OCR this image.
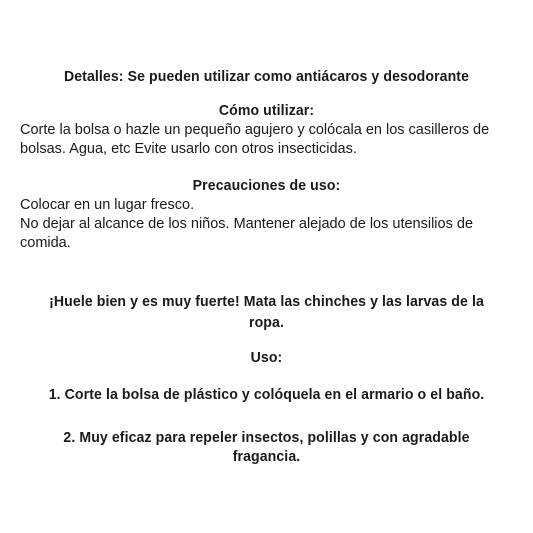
Detalles: Se pueden utilizar como antiácaros y desodorante
Cómo utilizar:
Corte la bolsa o hazle un pequeño agujero y colócala en los casilleros de
bolsas. Agua, etc Evite usarlo con otros insecticidas.
Precauciones de uso:
Colocar en un lugar fresco.
No dejar al alcance de los niños. Mantener alejado de los utensilios de
comida.
¡Huele bien y es muy fuerte! Mata las chinches y las larvas de la
ropa.
Uso:
1. Corte la bolsa de plástico y colóquela en el armario o el baño.
2. Muy eficaz para repeler insectos, polillas y con agradable
fragancia.
